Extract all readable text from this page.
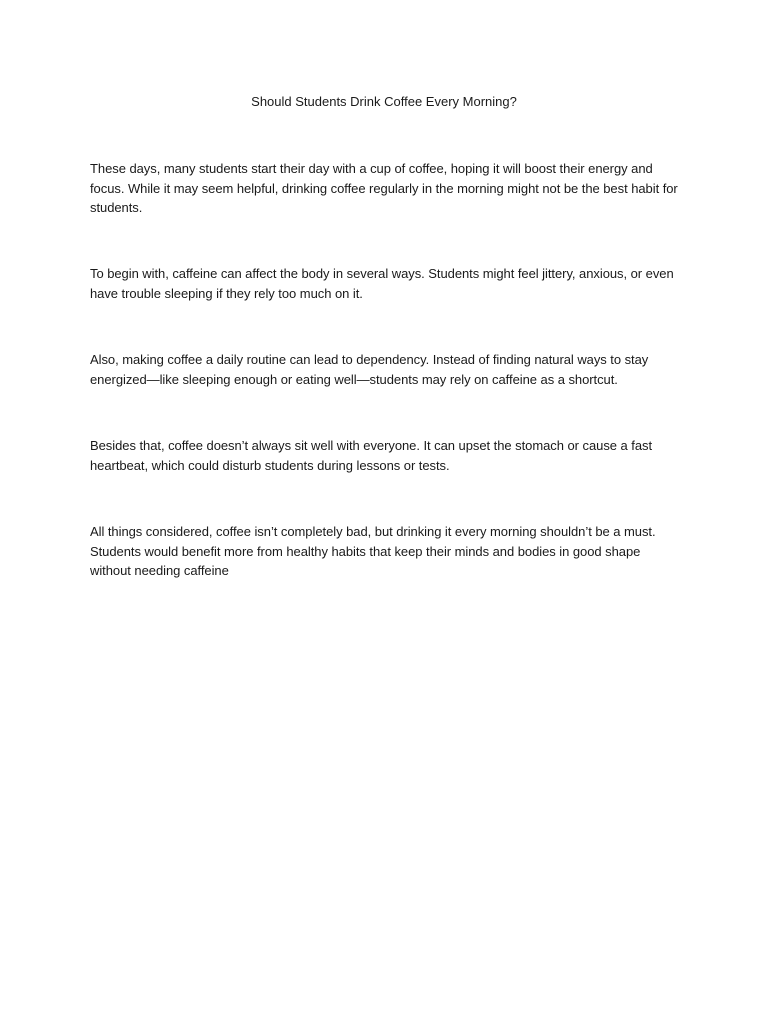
Should Students Drink Coffee Every Morning?

These days, many students start their day with a cup of coffee, hoping it will boost their energy and focus. While it may seem helpful, drinking coffee regularly in the morning might not be the best habit for students.

To begin with, caffeine can affect the body in several ways. Students might feel jittery, anxious, or even have trouble sleeping if they rely too much on it.

Also, making coffee a daily routine can lead to dependency. Instead of finding natural ways to stay energized—like sleeping enough or eating well—students may rely on caffeine as a shortcut.

Besides that, coffee doesn’t always sit well with everyone. It can upset the stomach or cause a fast heartbeat, which could disturb students during lessons or tests.

All things considered, coffee isn’t completely bad, but drinking it every morning shouldn’t be a must. Students would benefit more from healthy habits that keep their minds and bodies in good shape without needing caffeine
